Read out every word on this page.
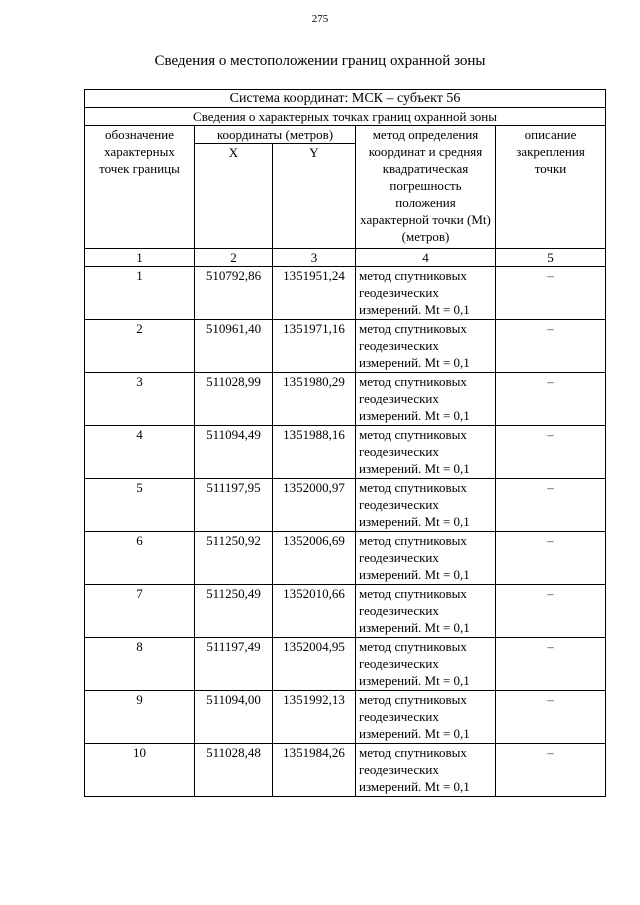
275
Сведения о местоположении границ охранной зоны
Система координат: МСК – субъект 56				
Сведения о характерных точках границ охранной зоны				
обозначение характерных точек границы	координаты (метров)		метод определения координат и средняя квадратическая погрешность положения характерной точки (Mt) (метров)	описание закрепления точки
	X	Y		
1	2	3	4	5
1	510792,86	1351951,24	метод спутниковых геодезических измерений. Mt = 0,1	–
2	510961,40	1351971,16	метод спутниковых геодезических измерений. Mt = 0,1	–
3	511028,99	1351980,29	метод спутниковых геодезических измерений. Mt = 0,1	–
4	511094,49	1351988,16	метод спутниковых геодезических измерений. Mt = 0,1	–
5	511197,95	1352000,97	метод спутниковых геодезических измерений. Mt = 0,1	–
6	511250,92	1352006,69	метод спутниковых геодезических измерений. Mt = 0,1	–
7	511250,49	1352010,66	метод спутниковых геодезических измерений. Mt = 0,1	–
8	511197,49	1352004,95	метод спутниковых геодезических измерений. Mt = 0,1	–
9	511094,00	1351992,13	метод спутниковых геодезических измерений. Mt = 0,1	–
10	511028,48	1351984,26	метод спутниковых геодезических измерений. Mt = 0,1	–
